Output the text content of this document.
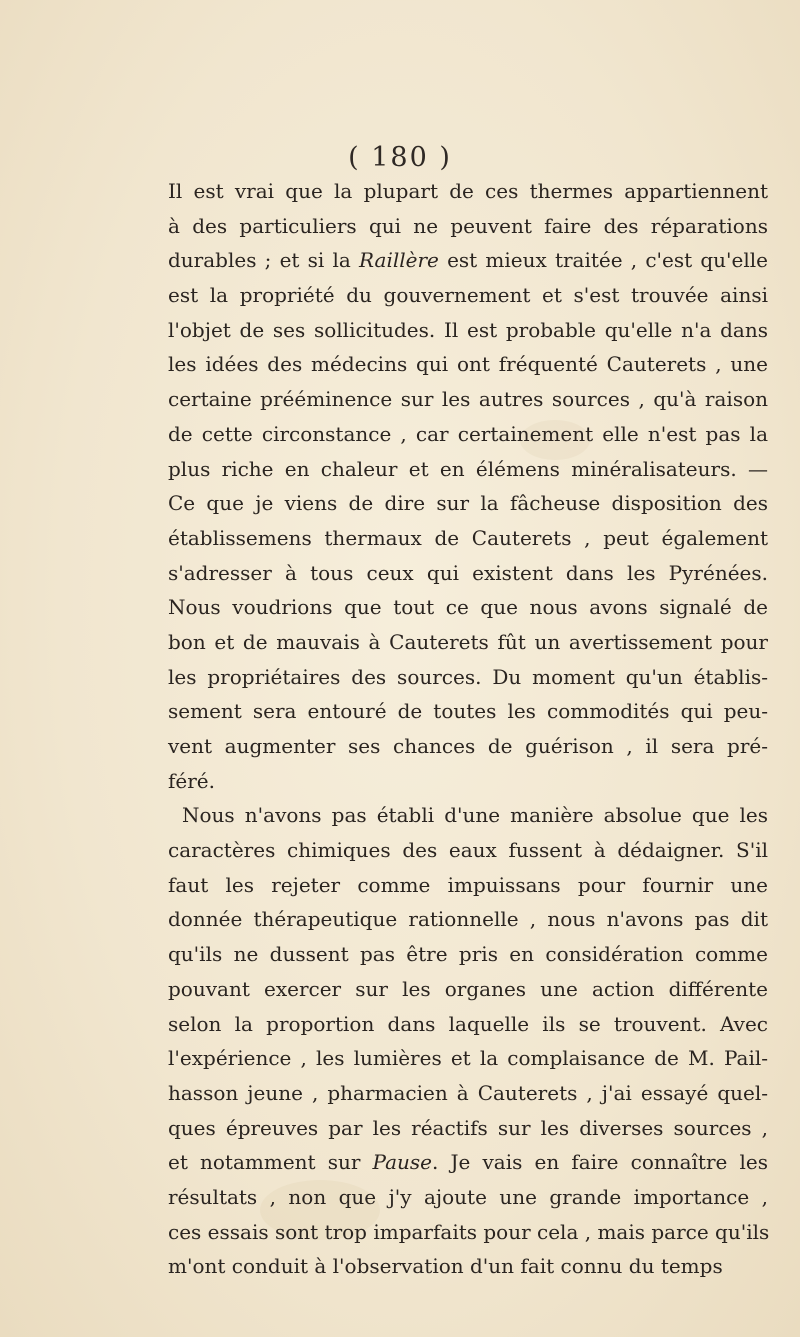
( 180 )
Il est vrai que la plupart de ces thermes appartiennent
à des particuliers qui ne peuvent faire des réparations
durables ; et si la Raillère est mieux traitée , c'est qu'elle
est la propriété du gouvernement et s'est trouvée ainsi
l'objet de ses sollicitudes. Il est probable qu'elle n'a dans
les idées des médecins qui ont fréquenté Cauterets , une
certaine prééminence sur les autres sources , qu'à raison
de cette circonstance , car certainement elle n'est pas la
plus riche en chaleur et en élémens minéralisateurs. —
Ce que je viens de dire sur la fâcheuse disposition des
établissemens thermaux de Cauterets , peut également
s'adresser à tous ceux qui existent dans les Pyrénées.
Nous voudrions que tout ce que nous avons signalé de
bon et de mauvais à Cauterets fût un avertissement pour
les propriétaires des sources. Du moment qu'un établis-
sement sera entouré de toutes les commodités qui peu-
vent augmenter ses chances de guérison , il sera pré-
féré.
Nous n'avons pas établi d'une manière absolue que les
caractères chimiques des eaux fussent à dédaigner. S'il
faut les rejeter comme impuissans pour fournir une
donnée thérapeutique rationnelle , nous n'avons pas dit
qu'ils ne dussent pas être pris en considération comme
pouvant exercer sur les organes une action différente
selon la proportion dans laquelle ils se trouvent. Avec
l'expérience , les lumières et la complaisance de M. Pail-
hasson jeune , pharmacien à Cauterets , j'ai essayé quel-
ques épreuves par les réactifs sur les diverses sources ,
et notamment sur Pause. Je vais en faire connaître les
résultats , non que j'y ajoute une grande importance ,
ces essais sont trop imparfaits pour cela , mais parce qu'ils
m'ont conduit à l'observation d'un fait connu du temps
